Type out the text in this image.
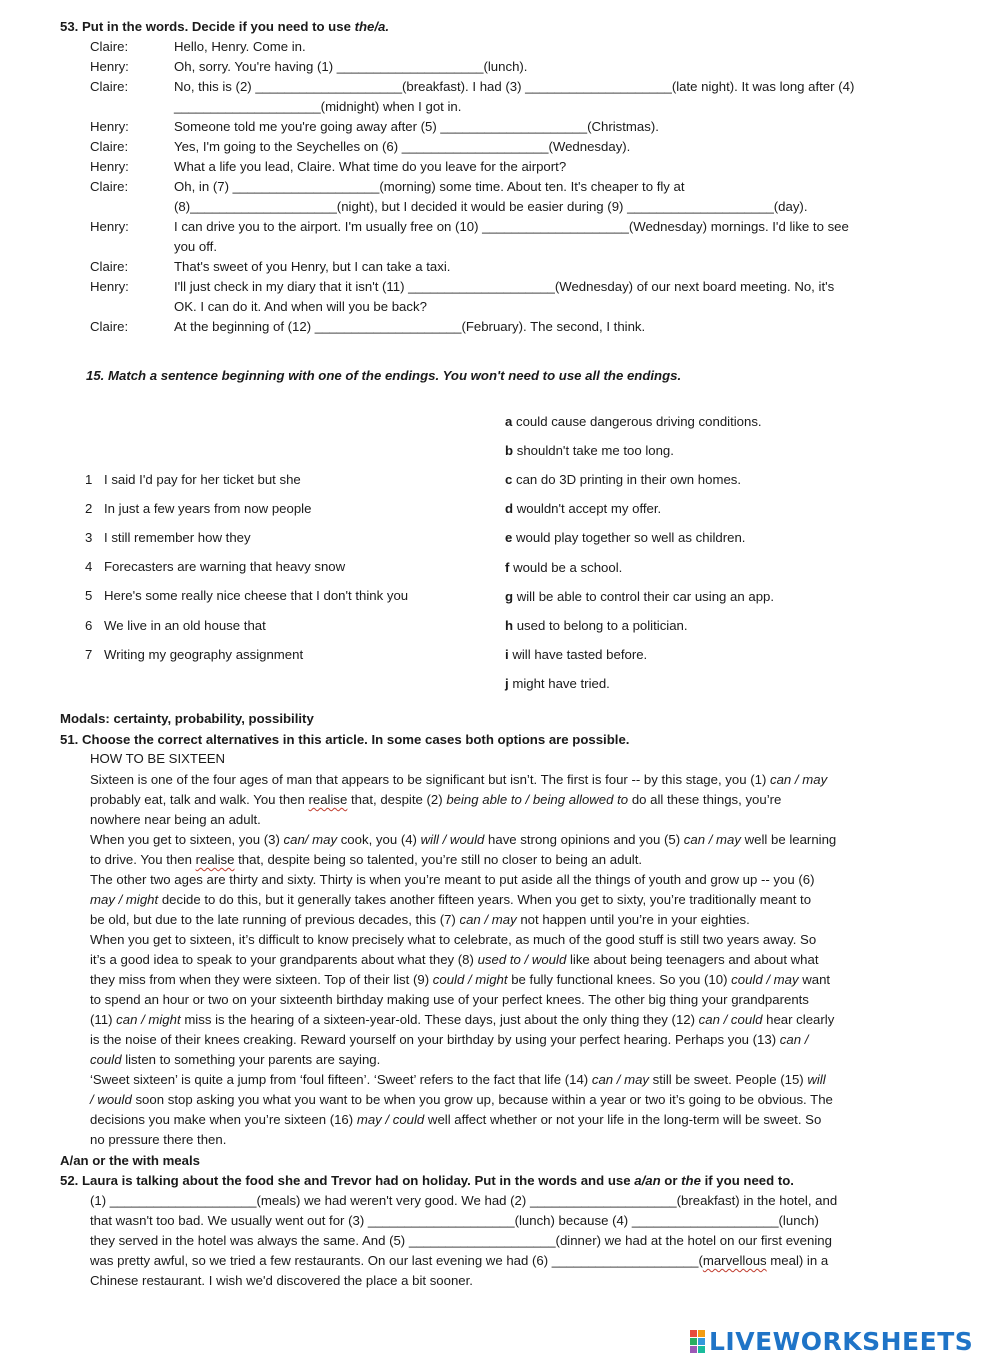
53. Put in the words. Decide if you need to use the/a.
Claire:	Hello, Henry. Come in.
Henry:	Oh, sorry. You're having (1) ____________________(lunch).
Claire:	No, this is (2) ____________________(breakfast). I had (3) ____________________(late night). It was long after (4)
____________________(midnight) when I got in.
Henry:	Someone told me you're going away after (5) ____________________(Christmas).
Claire:	Yes, I'm going to the Seychelles on (6) ____________________(Wednesday).
Henry:	What a life you lead, Claire. What time do you leave for the airport?
Claire:	Oh, in (7) ____________________(morning) some time. About ten. It's cheaper to fly at
(8)____________________(night), but I decided it would be easier during (9) ____________________(day).
Henry:	I can drive you to the airport. I'm usually free on (10) ____________________(Wednesday) mornings. I'd like to see
you off.
Claire:	That's sweet of you Henry, but I can take a taxi.
Henry:	I'll just check in my diary that it isn't (11) ____________________(Wednesday) of our next board meeting. No, it's
OK. I can do it. And when will you be back?
Claire:	At the beginning of (12) ____________________(February). The second, I think.
15. Match a sentence beginning with one of the endings. You won't need to use all the endings.
1 I said I'd pay for her ticket but she
2 In just a few years from now people
3 I still remember how they
4 Forecasters are warning that heavy snow
5 Here's some really nice cheese that I don't think you
6 We live in an old house that
7 Writing my geography assignment
a could cause dangerous driving conditions.
b shouldn't take me too long.
c can do 3D printing in their own homes.
d wouldn't accept my offer.
e would play together so well as children.
f would be a school.
g will be able to control their car using an app.
h used to belong to a politician.
i will have tasted before.
j might have tried.
Modals: certainty, probability, possibility
51. Choose the correct alternatives in this article. In some cases both options are possible.
HOW TO BE SIXTEEN
Sixteen is one of the four ages of man that appears to be significant but isn’t. The first is four -- by this stage, you (1) can / may
probably eat, talk and walk. You then realise that, despite (2) being able to / being allowed to do all these things, you’re
nowhere near being an adult.
When you get to sixteen, you (3) can/ may cook, you (4) will / would have strong opinions and you (5) can / may well be learning
to drive. You then realise that, despite being so talented, you’re still no closer to being an adult.
The other two ages are thirty and sixty. Thirty is when you’re meant to put aside all the things of youth and grow up -- you (6)
may / might decide to do this, but it generally takes another fifteen years. When you get to sixty, you’re traditionally meant to
be old, but due to the late running of previous decades, this (7) can / may not happen until you’re in your eighties.
When you get to sixteen, it’s difficult to know precisely what to celebrate, as much of the good stuff is still two years away. So
it’s a good idea to speak to your grandparents about what they (8) used to / would like about being teenagers and about what
they miss from when they were sixteen. Top of their list (9) could / might be fully functional knees. So you (10) could / may want
to spend an hour or two on your sixteenth birthday making use of your perfect knees. The other big thing your grandparents
(11) can / might miss is the hearing of a sixteen-year-old. These days, just about the only thing they (12) can / could hear clearly
is the noise of their knees creaking. Reward yourself on your birthday by using your perfect hearing. Perhaps you (13) can /
could listen to something your parents are saying.
‘Sweet sixteen’ is quite a jump from ‘foul fifteen’. ‘Sweet’ refers to the fact that life (14) can / may still be sweet. People (15) will
/ would soon stop asking you what you want to be when you grow up, because within a year or two it’s going to be obvious. The
decisions you make when you’re sixteen (16) may / could well affect whether or not your life in the long-term will be sweet. So
no pressure there then.
A/an or the with meals
52. Laura is talking about the food she and Trevor had on holiday. Put in the words and use a/an or the if you need to.
(1) ____________________(meals) we had weren't very good. We had (2) ____________________(breakfast) in the hotel, and
that wasn't too bad. We usually went out for (3) ____________________(lunch) because (4) ____________________(lunch)
they served in the hotel was always the same. And (5) ____________________(dinner) we had at the hotel on our first evening
was pretty awful, so we tried a few restaurants. On our last evening we had (6) ____________________(marvellous meal) in a
Chinese restaurant. I wish we'd discovered the place a bit sooner.
LIVEWORKSHEETS
